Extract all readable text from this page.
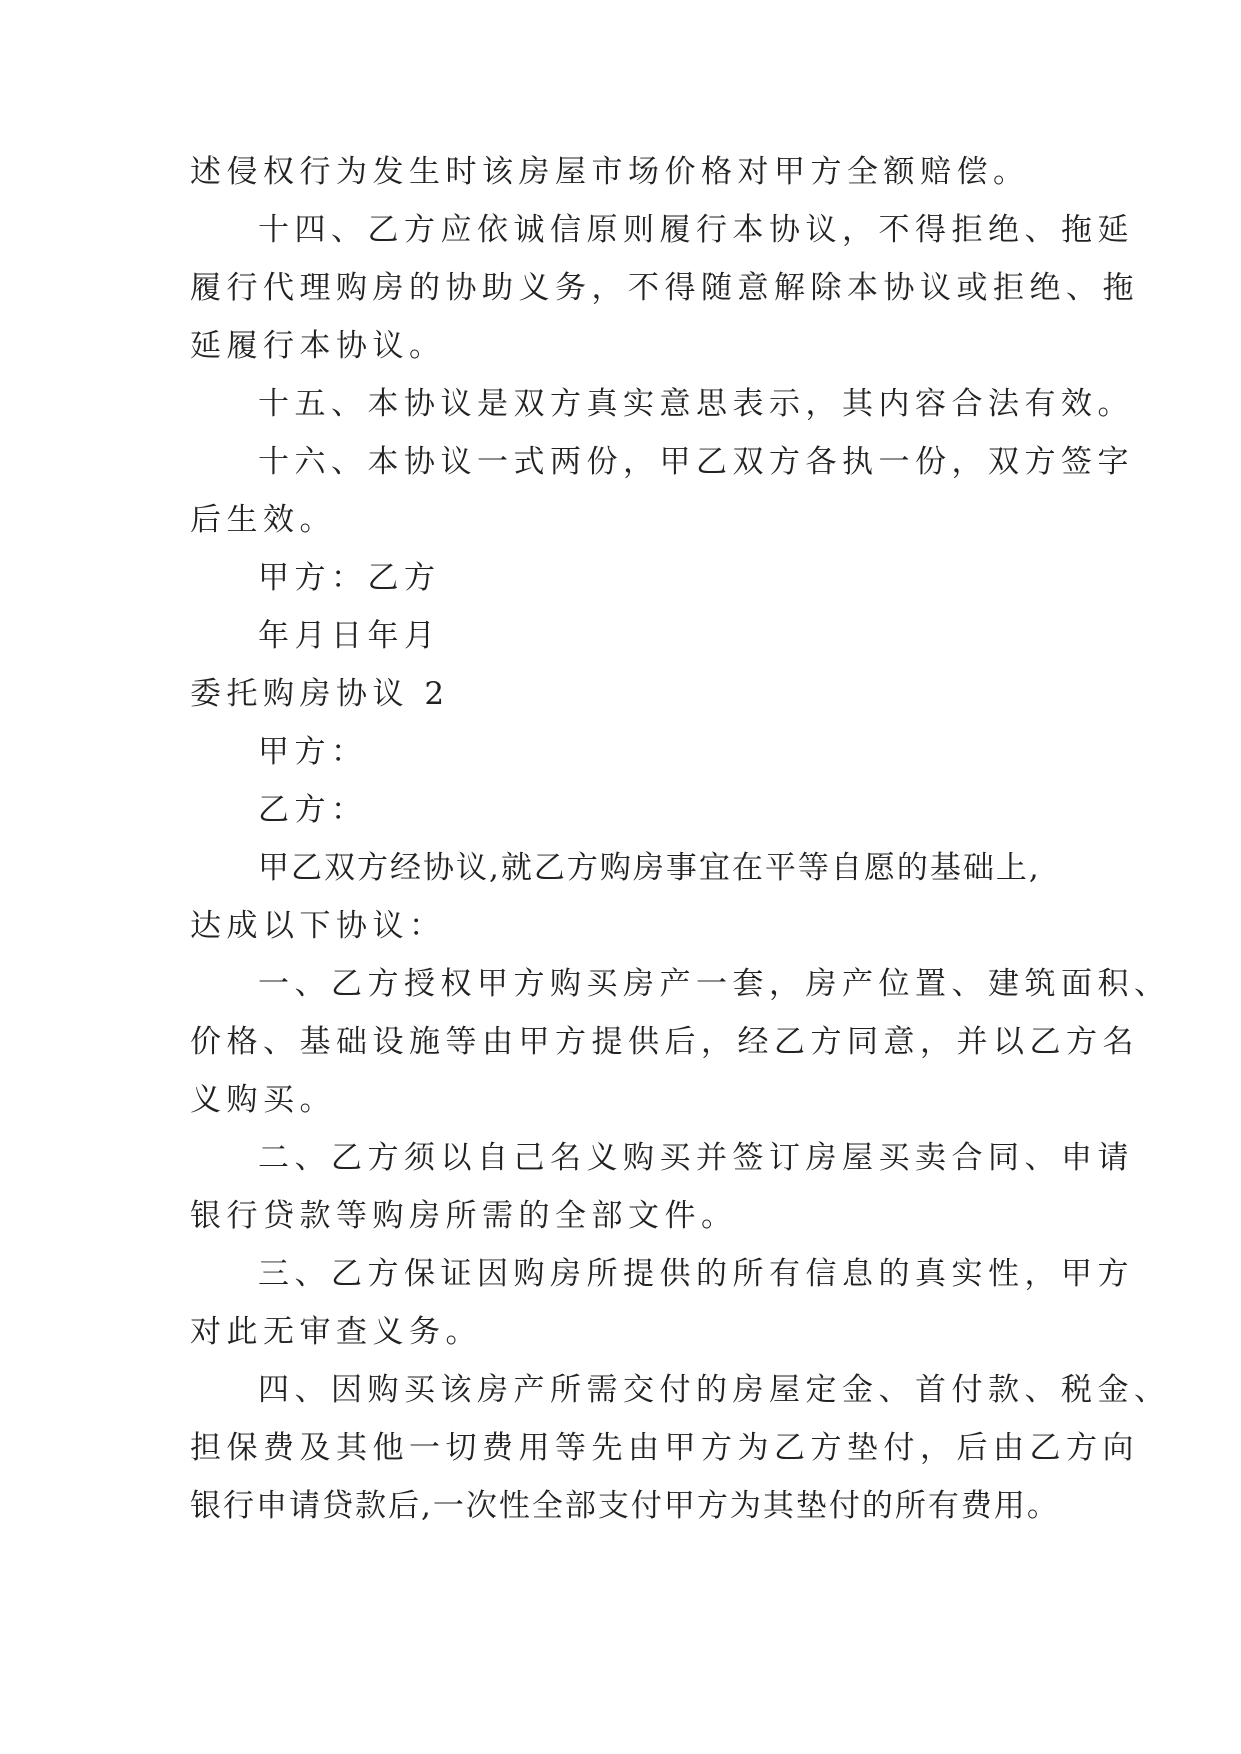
述侵权行为发生时该房屋市场价格对甲方全额赔偿。
十四、乙方应依诚信原则履行本协议，不得拒绝、拖延
履行代理购房的协助义务，不得随意解除本协议或拒绝、拖
延履行本协议。
十五、本协议是双方真实意思表示，其内容合法有效。
十六、本协议一式两份，甲乙双方各执一份，双方签字
后生效。
甲方：乙方
年月日年月
委托购房协议 2
甲方：
乙方：
甲乙双方经协议,就乙方购房事宜在平等自愿的基础上,
达成以下协议：
一、乙方授权甲方购买房产一套，房产位置、建筑面积、
价格、基础设施等由甲方提供后，经乙方同意，并以乙方名
义购买。
二、乙方须以自己名义购买并签订房屋买卖合同、申请
银行贷款等购房所需的全部文件。
三、乙方保证因购房所提供的所有信息的真实性，甲方
对此无审查义务。
四、因购买该房产所需交付的房屋定金、首付款、税金、
担保费及其他一切费用等先由甲方为乙方垫付，后由乙方向
银行申请贷款后,一次性全部支付甲方为其垫付的所有费用。
